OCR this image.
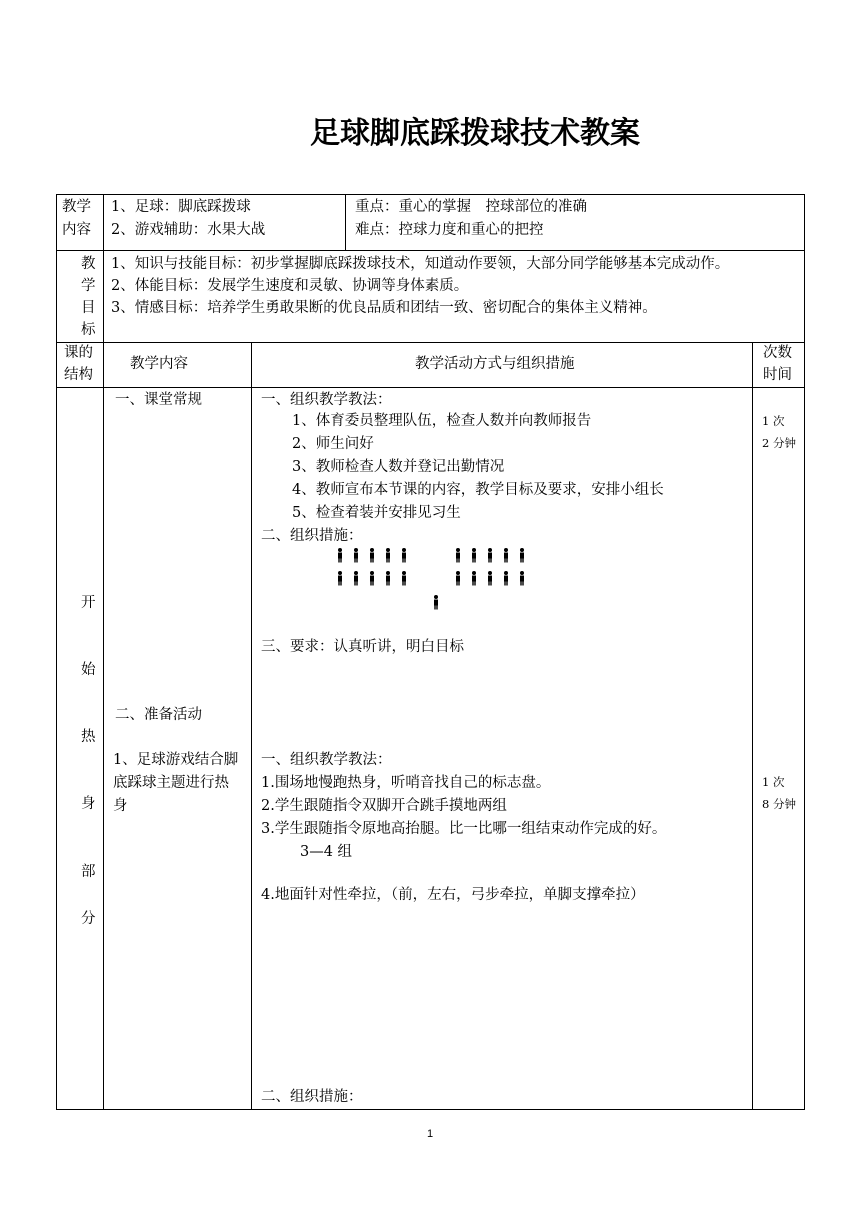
足球脚底踩拨球技术教案
教学
内容
1、足球：脚底踩拨球
2、游戏辅助：水果大战
重点：重心的掌握　控球部位的准确
难点：控球力度和重心的把控
教
学
目
标
1、知识与技能目标：初步掌握脚底踩拨球技术，知道动作要领，大部分同学能够基本完成动作。
2、体能目标：发展学生速度和灵敏、协调等身体素质。
3、情感目标：培养学生勇敢果断的优良品质和团结一致、密切配合的集体主义精神。
课的
结构
教学内容	教学活动方式与组织措施
次数
时间
开
始
热
身
部
分
一、课堂常规
二、准备活动
1、足球游戏结合脚
底踩球主题进行热
身
一、组织教学教法：
1、体育委员整理队伍，检查人数并向教师报告
2、师生问好
3、教师检查人数并登记出勤情况
4、教师宣布本节课的内容，教学目标及要求，安排小组长
5、检查着装并安排见习生
二、组织措施：
三、要求：认真听讲，明白目标
一、组织教学教法：
1.围场地慢跑热身，听哨音找自己的标志盘。
2.学生跟随指令双脚开合跳手摸地两组
3.学生跟随指令原地高抬腿。比一比哪一组结束动作完成的好。
3—4 组
4.地面针对性牵拉，（前，左右，弓步牵拉，单脚支撑牵拉）
二、组织措施：
1 次
2 分钟
1 次
8 分钟
1
